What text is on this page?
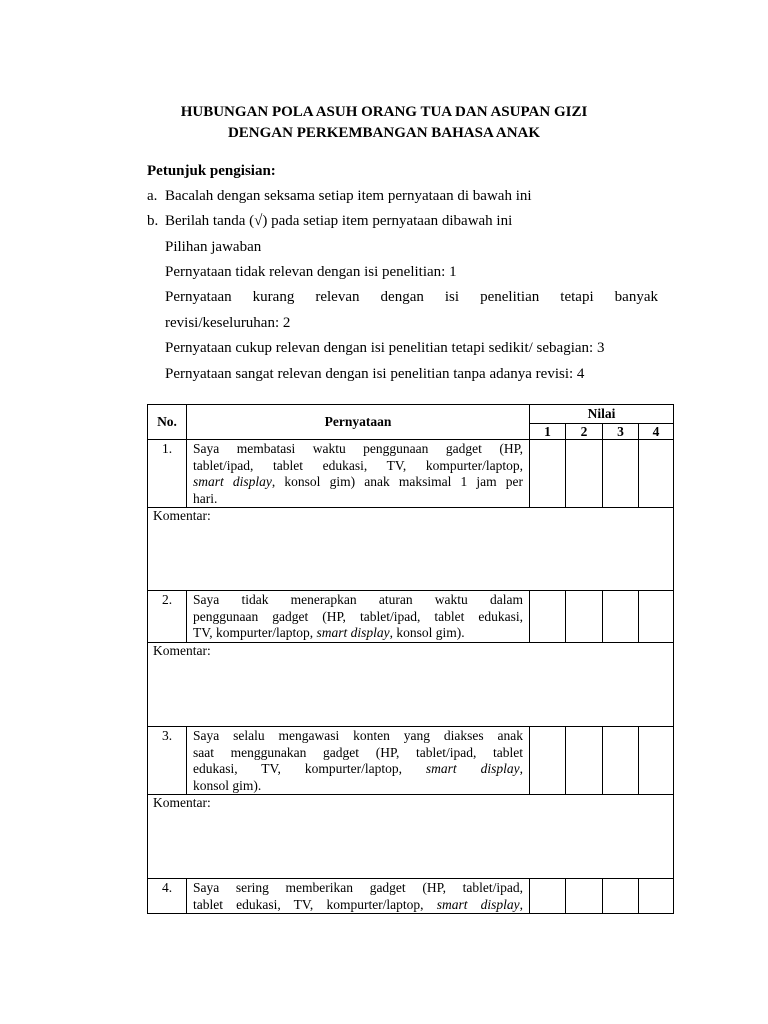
HUBUNGAN POLA ASUH ORANG TUA DAN ASUPAN GIZI
DENGAN PERKEMBANGAN BAHASA ANAK
Petunjuk pengisian:
a. Bacalah dengan seksama setiap item pernyataan di bawah ini
b. Berilah tanda (√) pada setiap item pernyataan dibawah ini
Pilihan jawaban
Pernyataan tidak relevan dengan isi penelitian: 1
Pernyataan kurang relevan dengan isi penelitian tetapi banyak
revisi/keseluruhan: 2
Pernyataan cukup relevan dengan isi penelitian tetapi sedikit/ sebagian: 3
Pernyataan sangat relevan dengan isi penelitian tanpa adanya revisi: 4
No.	Pernyataan	Nilai			
		1	2	3	4
1.	Saya membatasi waktu penggunaan gadget (HP,
tablet/ipad, tablet edukasi, TV, kompurter/laptop,
smart display, konsol gim) anak maksimal 1 jam per
hari.				

Komentar:					
2.	Saya tidak menerapkan aturan waktu dalam
penggunaan gadget (HP, tablet/ipad, tablet edukasi,
TV, kompurter/laptop, smart display, konsol gim).				

Komentar:					
3.	Saya selalu mengawasi konten yang diakses anak
saat menggunakan gadget (HP, tablet/ipad, tablet
edukasi, TV, kompurter/laptop, smart display,
konsol gim).				

Komentar:					
4.	Saya sering memberikan gadget (HP, tablet/ipad,
tablet edukasi, TV, kompurter/laptop, smart display,				
